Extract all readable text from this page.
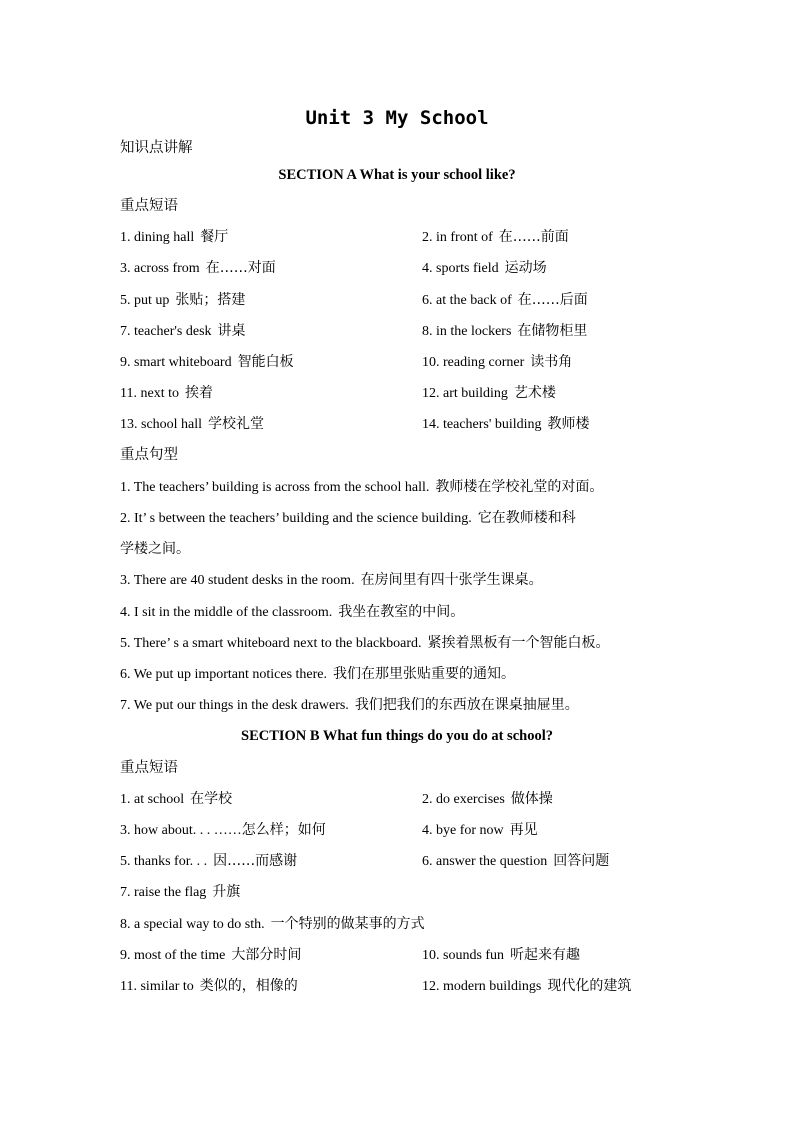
Unit 3 My School
知识点讲解
SECTION A What is your school like?
重点短语
1. dining hall 餐厅	2. in front of 在……前面
3. across from 在……对面	4. sports field 运动场
5. put up 张贴；搭建	6. at the back of 在……后面
7. teacher's desk 讲桌	8. in the lockers 在储物柜里
9. smart whiteboard 智能白板	10. reading corner 读书角
11. next to 挨着	12. art building 艺术楼
13. school hall 学校礼堂	14. teachers' building 教师楼
重点句型
1. The teachers’ building is across from the school hall. 教师楼在学校礼堂的对面。
2. It’ s between the teachers’ building and the science building. 它在教师楼和科
学楼之间。
3. There are 40 student desks in the room. 在房间里有四十张学生课桌。
4. I sit in the middle of the classroom. 我坐在教室的中间。
5. There’ s a smart whiteboard next to the blackboard. 紧挨着黑板有一个智能白板。
6. We put up important notices there. 我们在那里张贴重要的通知。
7. We put our things in the desk drawers. 我们把我们的东西放在课桌抽屉里。
SECTION B What fun things do you do at school?
重点短语
1. at school 在学校	2. do exercises 做体操
3. how about. . . ……怎么样；如何	4. bye for now 再见
5. thanks for. . . 因……而感谢	6. answer the question 回答问题
7. raise the flag 升旗
8. a special way to do sth. 一个特别的做某事的方式
9. most of the time 大部分时间	10. sounds fun 听起来有趣
11. similar to 类似的，相像的	12. modern buildings 现代化的建筑
